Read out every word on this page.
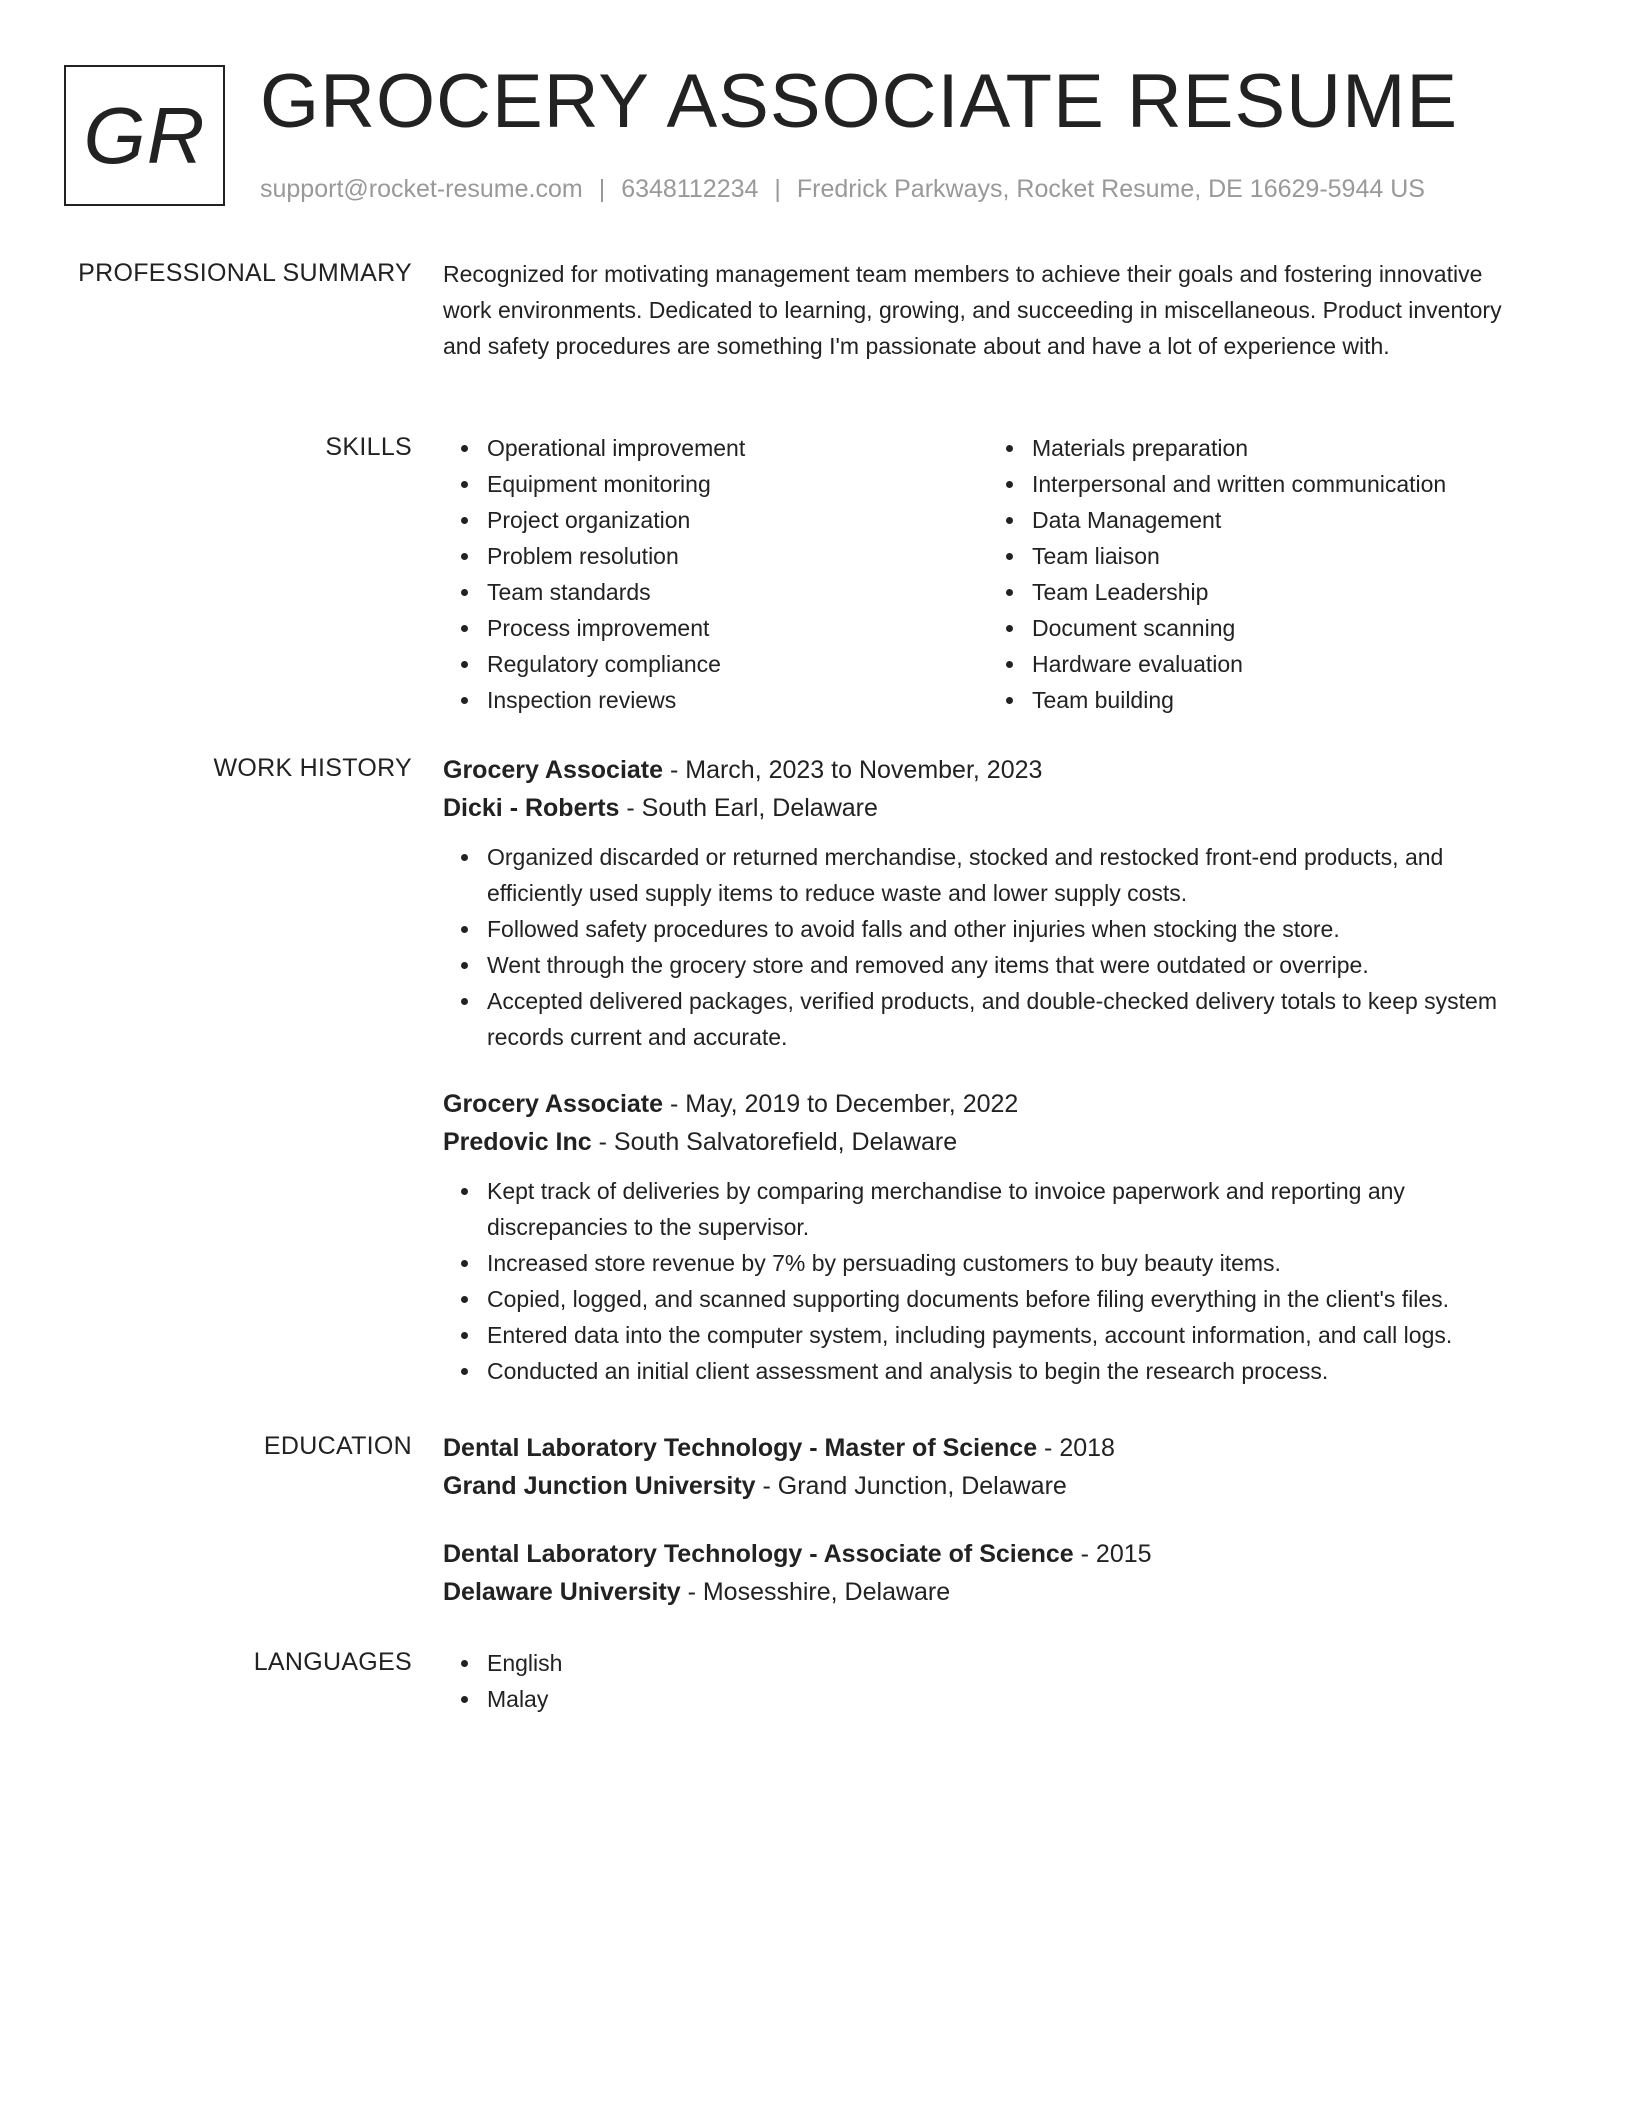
GR GROCERY ASSOCIATE RESUME
support@rocket-resume.com | 6348112234 | Fredrick Parkways, Rocket Resume, DE 16629-5944 US
PROFESSIONAL SUMMARY Recognized for motivating management team members to achieve their goals and fostering innovative work environments. Dedicated to learning, growing, and succeeding in miscellaneous. Product inventory and safety procedures are something I'm passionate about and have a lot of experience with.

SKILLS	Operational improvement
Equipment monitoring
Project organization
Problem resolution
Team standards
Process improvement
Regulatory compliance
Inspection reviews
Materials preparation
Interpersonal and written communication
Data Management
Team liaison
Team Leadership
Document scanning
Hardware evaluation
Team building
WORK HISTORY Grocery Associate - March, 2023 to November, 2023
Dicki - Roberts - South Earl, Delaware
Organized discarded or returned merchandise, stocked and restocked front-end products, and efficiently used supply items to reduce waste and lower supply costs.
Followed safety procedures to avoid falls and other injuries when stocking the store.
Went through the grocery store and removed any items that were outdated or overripe.
Accepted delivered packages, verified products, and double-checked delivery totals to keep system records current and accurate.
Grocery Associate - May, 2019 to December, 2022
Predovic Inc - South Salvatorefield, Delaware
Kept track of deliveries by comparing merchandise to invoice paperwork and reporting any discrepancies to the supervisor.
Increased store revenue by 7% by persuading customers to buy beauty items.
Copied, logged, and scanned supporting documents before filing everything in the client's files.
Entered data into the computer system, including payments, account information, and call logs.
Conducted an initial client assessment and analysis to begin the research process.
EDUCATION Dental Laboratory Technology - Master of Science - 2018
Grand Junction University - Grand Junction, Delaware
Dental Laboratory Technology - Associate of Science - 2015
Delaware University - Mosesshire, Delaware
LANGUAGES	English
Malay
